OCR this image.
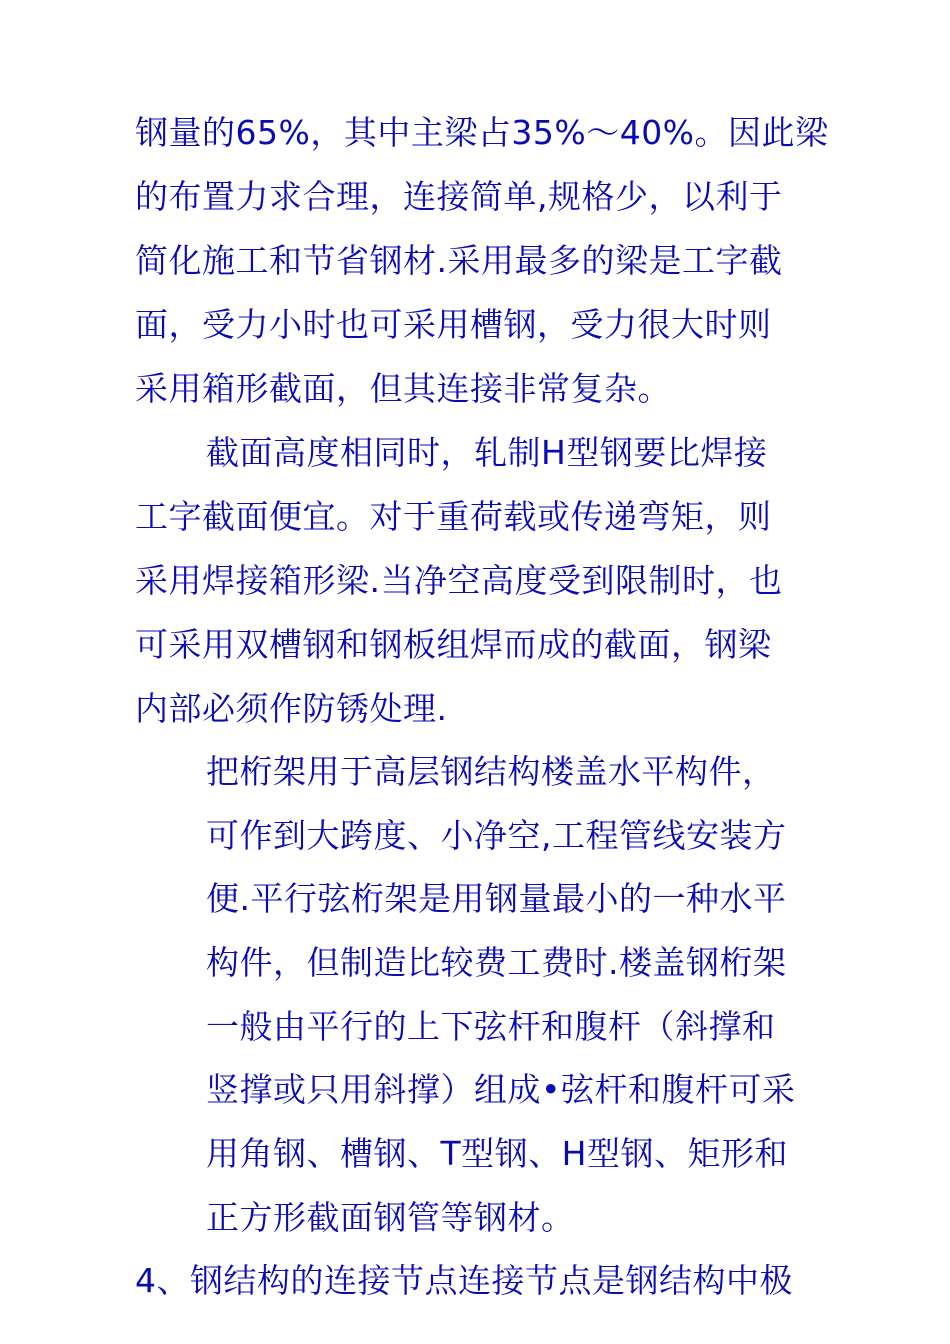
钢量的65%，其中主梁占35%～40%。因此梁
的布置力求合理，连接简单,规格少，以利于
简化施工和节省钢材.采用最多的梁是工字截
面，受力小时也可采用槽钢，受力很大时则
采用箱形截面，但其连接非常复杂。
截面高度相同时，轧制H型钢要比焊接
工字截面便宜。对于重荷载或传递弯矩，则
采用焊接箱形梁.当净空高度受到限制时，也
可采用双槽钢和钢板组焊而成的截面，钢梁
内部必须作防锈处理.
把桁架用于高层钢结构楼盖水平构件，
可作到大跨度、小净空,工程管线安装方
便.平行弦桁架是用钢量最小的一种水平
构件，但制造比较费工费时.楼盖钢桁架
一般由平行的上下弦杆和腹杆（斜撑和
竖撑或只用斜撑）组成•弦杆和腹杆可采
用角钢、槽钢、T型钢、H型钢、矩形和
正方形截面钢管等钢材。
4、钢结构的连接节点连接节点是钢结构中极
